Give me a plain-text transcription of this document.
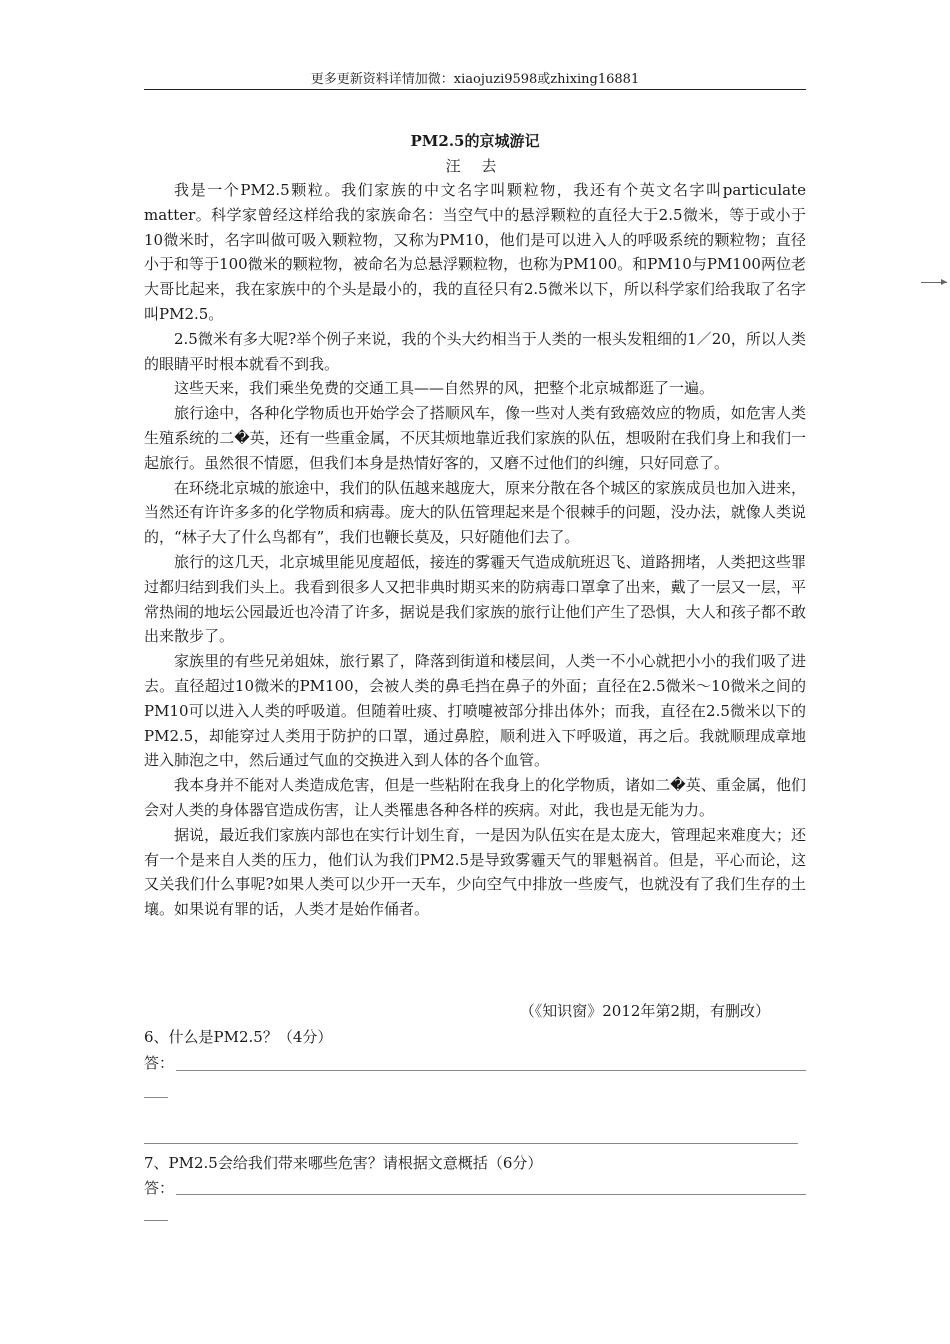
更多更新资料详情加微：xiaojuzi9598或zhixing16881
PM2.5的京城游记
汪 去

我是一个PM2.5颗粒。我们家族的中文名字叫颗粒物，我还有个英文名字叫particulate matter。科学家曾经这样给我的家族命名：当空气中的悬浮颗粒的直径大于2.5微米，等于或小于10微米时，名字叫做可吸入颗粒物，又称为PM10，他们是可以进入人的呼吸系统的颗粒物；直径小于和等于100微米的颗粒物，被命名为总悬浮颗粒物，也称为PM100。和PM10与PM100两位老大哥比起来，我在家族中的个头是最小的，我的直径只有2.5微米以下，所以科学家们给我取了名字叫PM2.5。

2.5微米有多大呢?举个例子来说，我的个头大约相当于人类的一根头发粗细的1／20，所以人类的眼睛平时根本就看不到我。

这些天来，我们乘坐免费的交通工具——自然界的风，把整个北京城都逛了一遍。

旅行途中，各种化学物质也开始学会了搭顺风车，像一些对人类有致癌效应的物质，如危害人类生殖系统的二�英，还有一些重金属，不厌其烦地靠近我们家族的队伍，想吸附在我们身上和我们一起旅行。虽然很不情愿，但我们本身是热情好客的，又磨不过他们的纠缠，只好同意了。

在环绕北京城的旅途中，我们的队伍越来越庞大，原来分散在各个城区的家族成员也加入进来，当然还有许许多多的化学物质和病毒。庞大的队伍管理起来是个很棘手的问题，没办法，就像人类说的，“林子大了什么鸟都有”，我们也鞭长莫及，只好随他们去了。

旅行的这几天，北京城里能见度超低，接连的雾霾天气造成航班迟飞、道路拥堵，人类把这些罪过都归结到我们头上。我看到很多人又把非典时期买来的防病毒口罩拿了出来，戴了一层又一层，平常热闹的地坛公园最近也冷清了许多，据说是我们家族的旅行让他们产生了恐惧，大人和孩子都不敢出来散步了。

家族里的有些兄弟姐妹，旅行累了，降落到街道和楼层间，人类一不小心就把小小的我们吸了进去。直径超过10微米的PM100，会被人类的鼻毛挡在鼻子的外面；直径在2.5微米～10微米之间的PM10可以进入人类的呼吸道。但随着吐痰、打喷嚏被部分排出体外；而我，直径在2.5微米以下的PM2.5，却能穿过人类用于防护的口罩，通过鼻腔，顺利进入下呼吸道，再之后。我就顺理成章地进入肺泡之中，然后通过气血的交换进入到人体的各个血管。

我本身并不能对人类造成危害，但是一些粘附在我身上的化学物质，诸如二�英、重金属，他们会对人类的身体器官造成伤害，让人类罹患各种各样的疾病。对此，我也是无能为力。

据说，最近我们家族内部也在实行计划生育，一是因为队伍实在是太庞大，管理起来难度大；还有一个是来自人类的压力，他们认为我们PM2.5是导致雾霾天气的罪魁祸首。但是，平心而论，这又关我们什么事呢?如果人类可以少开一天车，少向空气中排放一些废气，也就没有了我们生存的土壤。如果说有罪的话，人类才是始作俑者。

（《知识窗》2012年第2期，有删改）
6、什么是PM2.5？（4分）
答：
7、PM2.5会给我们带来哪些危害？请根据文意概括（6分）
答：
